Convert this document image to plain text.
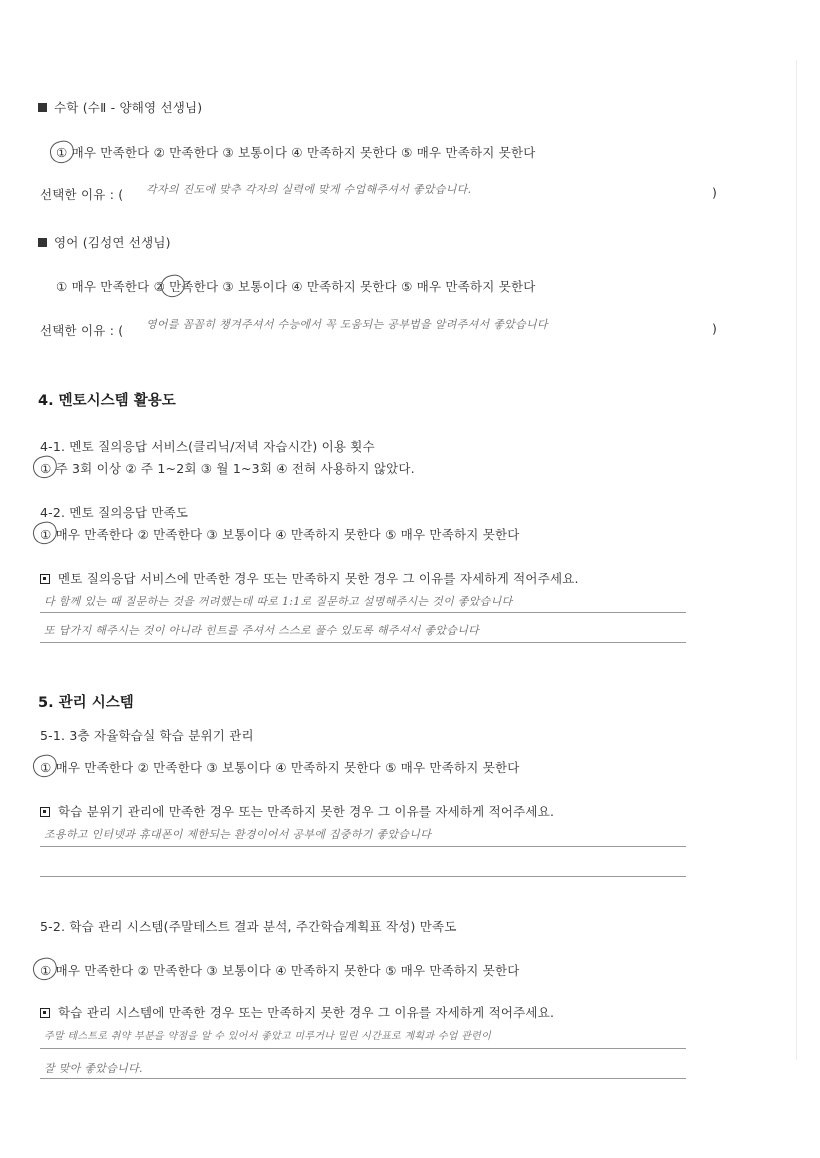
수학 (수Ⅱ - 양해영 선생님)
① 매우 만족한다 ② 만족한다 ③ 보통이다 ④ 만족하지 못한다 ⑤ 매우 만족하지 못한다
선택한 이유 : ( 각자의 진도에 맞추 각자의 실력에 맞게 수업해주셔서 좋았습니다.	)
영어 (김성연 선생님)
① 매우 만족한다 ② 만족한다 ③ 보통이다 ④ 만족하지 못한다 ⑤ 매우 만족하지 못한다
선택한 이유 : ( 영어를 꼼꼼히 챙겨주셔서 수능에서 꼭 도움되는 공부법을 알려주셔서 좋았습니다	)
4. 멘토시스템 활용도
4-1. 멘토 질의응답 서비스(클리닉/저녁 자습시간) 이용 횟수
① 주 3회 이상 ② 주 1~2회 ③ 월 1~3회 ④ 전혀 사용하지 않았다.
4-2. 멘토 질의응답 만족도
① 매우 만족한다 ② 만족한다 ③ 보통이다 ④ 만족하지 못한다 ⑤ 매우 만족하지 못한다
멘토 질의응답 서비스에 만족한 경우 또는 만족하지 못한 경우 그 이유를 자세하게 적어주세요.
다 함께 있는 때 질문하는 것을 꺼려했는데 따로 1:1로 질문하고 설명해주시는 것이 좋았습니다
또 답가지 해주시는 것이 아니라 힌트를 주셔서 스스로 풀수 있도록 해주셔서 좋았습니다
5. 관리 시스템
5-1. 3층 자율학습실 학습 분위기 관리
① 매우 만족한다 ② 만족한다 ③ 보통이다 ④ 만족하지 못한다 ⑤ 매우 만족하지 못한다
학습 분위기 관리에 만족한 경우 또는 만족하지 못한 경우 그 이유를 자세하게 적어주세요.
조용하고 인터넷과 휴대폰이 제한되는 환경이어서 공부에 집중하기 좋았습니다
5-2. 학습 관리 시스템(주말테스트 결과 분석, 주간학습계획표 작성) 만족도
① 매우 만족한다 ② 만족한다 ③ 보통이다 ④ 만족하지 못한다 ⑤ 매우 만족하지 못한다
학습 관리 시스템에 만족한 경우 또는 만족하지 못한 경우 그 이유를 자세하게 적어주세요.
주말 테스트로 취약 부분을 약점을 알 수 있어서 좋았고 미루거나 밀린 시간표로 계획과 수업 관련이
잘 맞아 좋았습니다.
